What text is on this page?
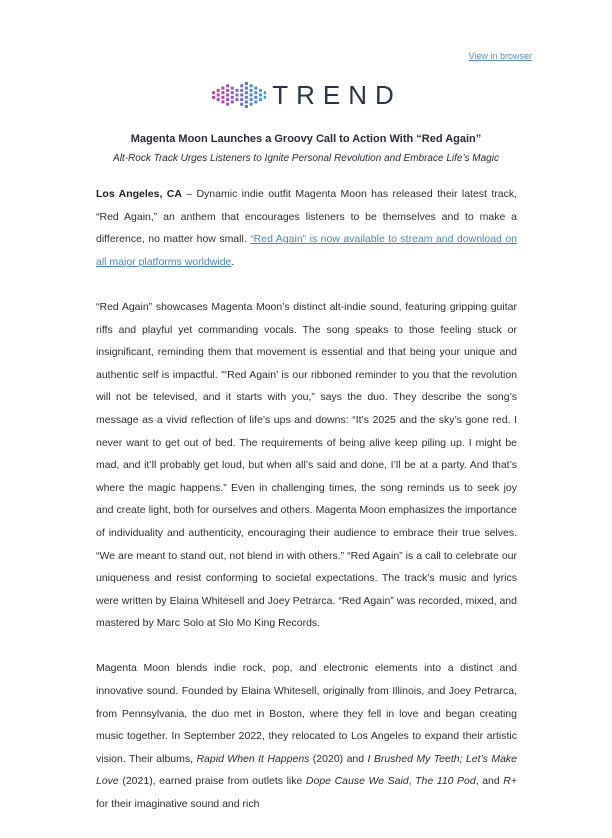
View in browser
TREND
Magenta Moon Launches a Groovy Call to Action With “Red Again”
Alt-Rock Track Urges Listeners to Ignite Personal Revolution and Embrace Life’s Magic

Los Angeles, CA – Dynamic indie outfit Magenta Moon has released their latest track, “Red Again,” an anthem that encourages listeners to be themselves and to make a difference, no matter how small. “Red Again” is now available to stream and download on all major platforms worldwide.

“Red Again” showcases Magenta Moon’s distinct alt-indie sound, featuring gripping guitar riffs and playful yet commanding vocals. The song speaks to those feeling stuck or insignificant, reminding them that movement is essential and that being your unique and authentic self is impactful. "‘Red Again’ is our ribboned reminder to you that the revolution will not be televised, and it starts with you,” says the duo. They describe the song’s message as a vivid reflection of life’s ups and downs: “It’s 2025 and the sky’s gone red. I never want to get out of bed. The requirements of being alive keep piling up. I might be mad, and it’ll probably get loud, but when all’s said and done, I’ll be at a party. And that’s where the magic happens.” Even in challenging times, the song reminds us to seek joy and create light, both for ourselves and others. Magenta Moon emphasizes the importance of individuality and authenticity, encouraging their audience to embrace their true selves. “We are meant to stand out, not blend in with others.” “Red Again” is a call to celebrate our uniqueness and resist conforming to societal expectations. The track’s music and lyrics were written by Elaina Whitesell and Joey Petrarca. “Red Again” was recorded, mixed, and mastered by Marc Solo at Slo Mo King Records.

Magenta Moon blends indie rock, pop, and electronic elements into a distinct and innovative sound. Founded by Elaina Whitesell, originally from Illinois, and Joey Petrarca, from Pennsylvania, the duo met in Boston, where they fell in love and began creating music together. In September 2022, they relocated to Los Angeles to expand their artistic vision. Their albums, Rapid When It Happens (2020) and I Brushed My Teeth; Let’s Make Love (2021), earned praise from outlets like Dope Cause We Said, The 110 Pod, and R+ for their imaginative sound and rich
